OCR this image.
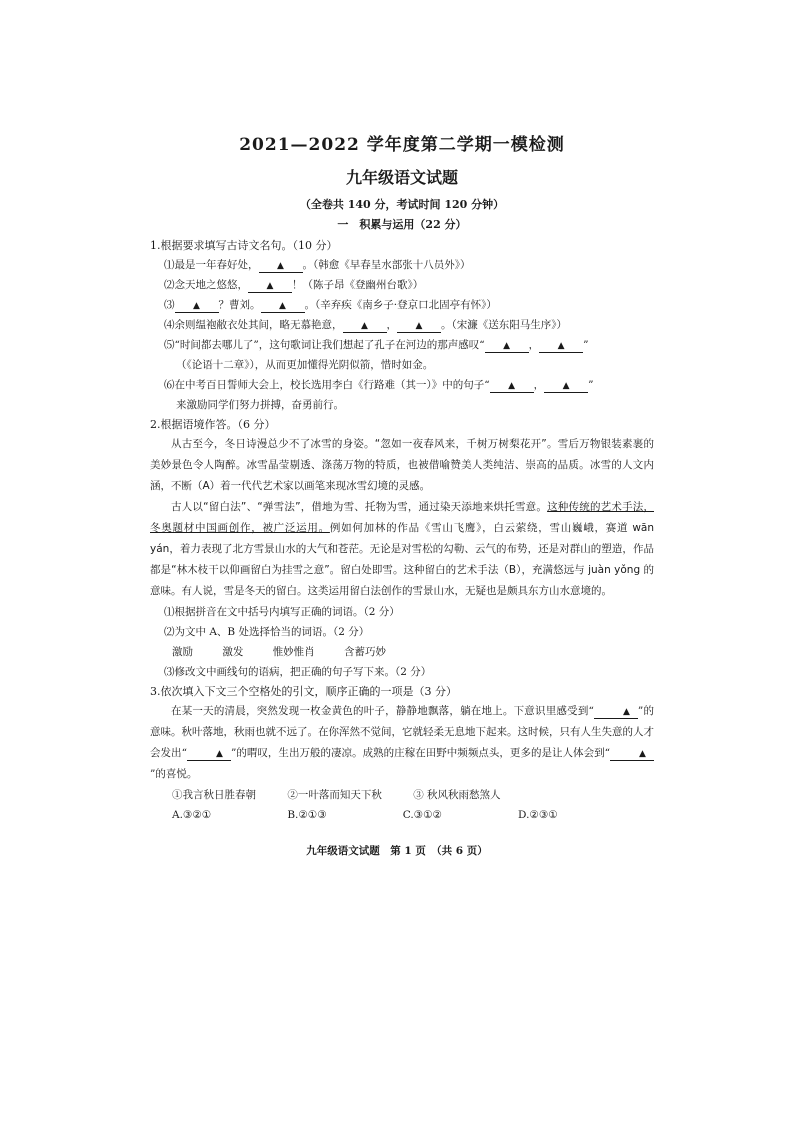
2021—2022 学年度第二学期一模检测
九年级语文试题

（全卷共 140 分，考试时间 120 分钟）

一　积累与运用（22 分）

1.根据要求填写古诗文名句。（10 分）

⑴最是一年春好处， ▲ 。（韩愈《早春呈水部张十八员外》）

⑵念天地之悠悠， ▲ ！（陈子昂《登幽州台歌》）

⑶ ▲ ？曹刘。 ▲ 。（辛弃疾《南乡子·登京口北固亭有怀》）

⑷余则缊袍敝衣处其间，略无慕艳意， ▲ ， ▲ 。（宋濂《送东阳马生序》）

⑸“时间都去哪儿了”，这句歌词让我们想起了孔子在河边的那声感叹“ ▲ ， ▲ ”

（《论语十二章》），从而更加懂得光阴似箭，惜时如金。

⑹在中考百日誓师大会上，校长选用李白《行路难（其一）》中的句子“ ▲ ， ▲ ”

来激励同学们努力拼搏，奋勇前行。

2.根据语境作答。（6 分）

从古至今，冬日诗漫总少不了冰雪的身姿。“忽如一夜春风来，千树万树梨花开”。雪后万物银装素裹的美妙景色令人陶醉。冰雪晶莹剔透、涤荡万物的特质，也被借喻赞美人类纯洁、崇高的品质。冰雪的人文内涵，不断（A）着一代代艺术家以画笔来现冰雪幻境的灵感。

古人以“留白法”、“弹雪法”，借地为雪、托物为雪，通过染天添地来烘托雪意。这种传统的艺术手法，冬奥题材中国画创作，被广泛运用。例如何加林的作品《雪山飞鹰》，白云萦绕，雪山巍峨，赛道 wān yán，着力表现了北方雪景山水的大气和苍茫。无论是对雪松的勾勒、云气的布势，还是对群山的塑造，作品都是“林木枝干以仰画留白为挂雪之意”。留白处即雪。这种留白的艺术手法（B），充满悠远与 juàn yǒng 的意味。有人说，雪是冬天的留白。这类运用留白法创作的雪景山水，无疑也是颇具东方山水意境的。

⑴根据拼音在文中括号内填写正确的词语。（2 分）

⑵为文中 A、B 处选择恰当的词语。（2 分）

激励	激发	惟妙惟肖	含蓄巧妙

⑶修改文中画线句的语病，把正确的句子写下来。（2 分）

3.依次填入下文三个空格处的引文，顺序正确的一项是（3 分）

在某一天的清晨，突然发现一枚金黄色的叶子，静静地飘落，躺在地上。下意识里感受到“	▲ ”的意味。秋叶落地，秋雨也就不远了。在你浑然不觉间，它就轻柔无息地下起来。这时候，只有人生失意的人才会发出“	▲ ”的喟叹，生出万般的凄凉。成熟的庄稼在田野中频频点头，更多的是让人体会到“	▲”的喜悦。

①我言秋日胜春朝	②一叶落而知天下秋	③ 秋风秋雨愁煞人

A.③②①	B.②①③	C.③①②	D.②③①

九年级语文试题　第 1 页　（共 6 页）
